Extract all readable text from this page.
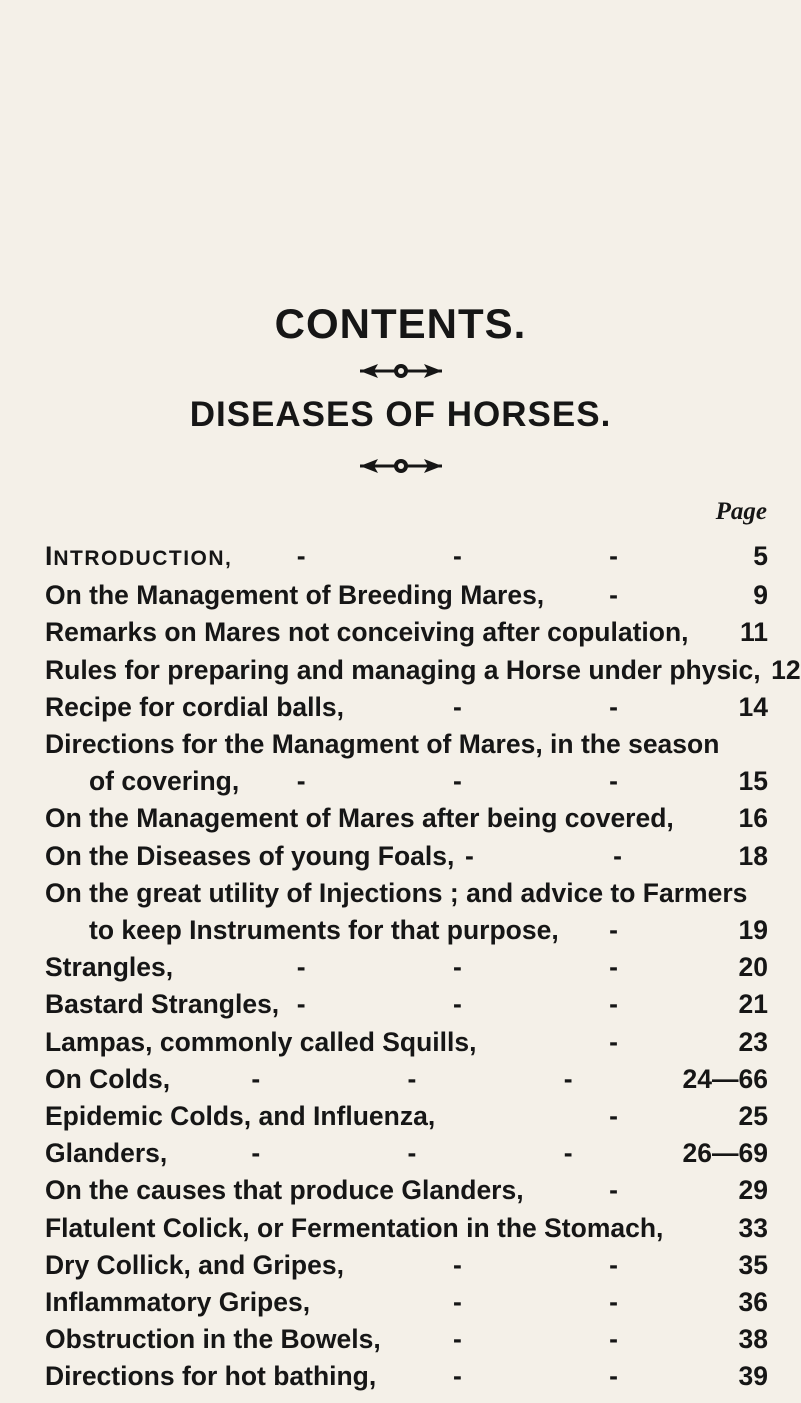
CONTENTS.
DISEASES OF HORSES.
Page
INTRODUCTION,	- - -	5
On the Management of Breeding Mares,	-	9
Remarks on Mares not conceiving after copulation,	11
Rules for preparing and managing a Horse under physic, 12
Recipe for cordial balls,	- -	14
Directions for the Managment of Mares, in the season
of covering,	- - -	15
On the Management of Mares after being covered,	16
On the Diseases of young Foals, - -	18
On the great utility of Injections ; and advice to Farmers
to keep Instruments for that purpose,	-	19
Strangles,	- - -	20
Bastard Strangles, - - -	21
Lampas, commonly called Squills,	-	23
On Colds,	- - - 24—66
Epidemic Colds, and Influenza,	-	25
Glanders,	- - - 26—69
On the causes that produce Glanders,	-	29
Flatulent Colick, or Fermentation in the Stomach,	33
Dry Collick, and Gripes,	- -	35
Inflammatory Gripes,	- -	36
Obstruction in the Bowels,	- -	38
Directions for hot bathing,	- -	39
